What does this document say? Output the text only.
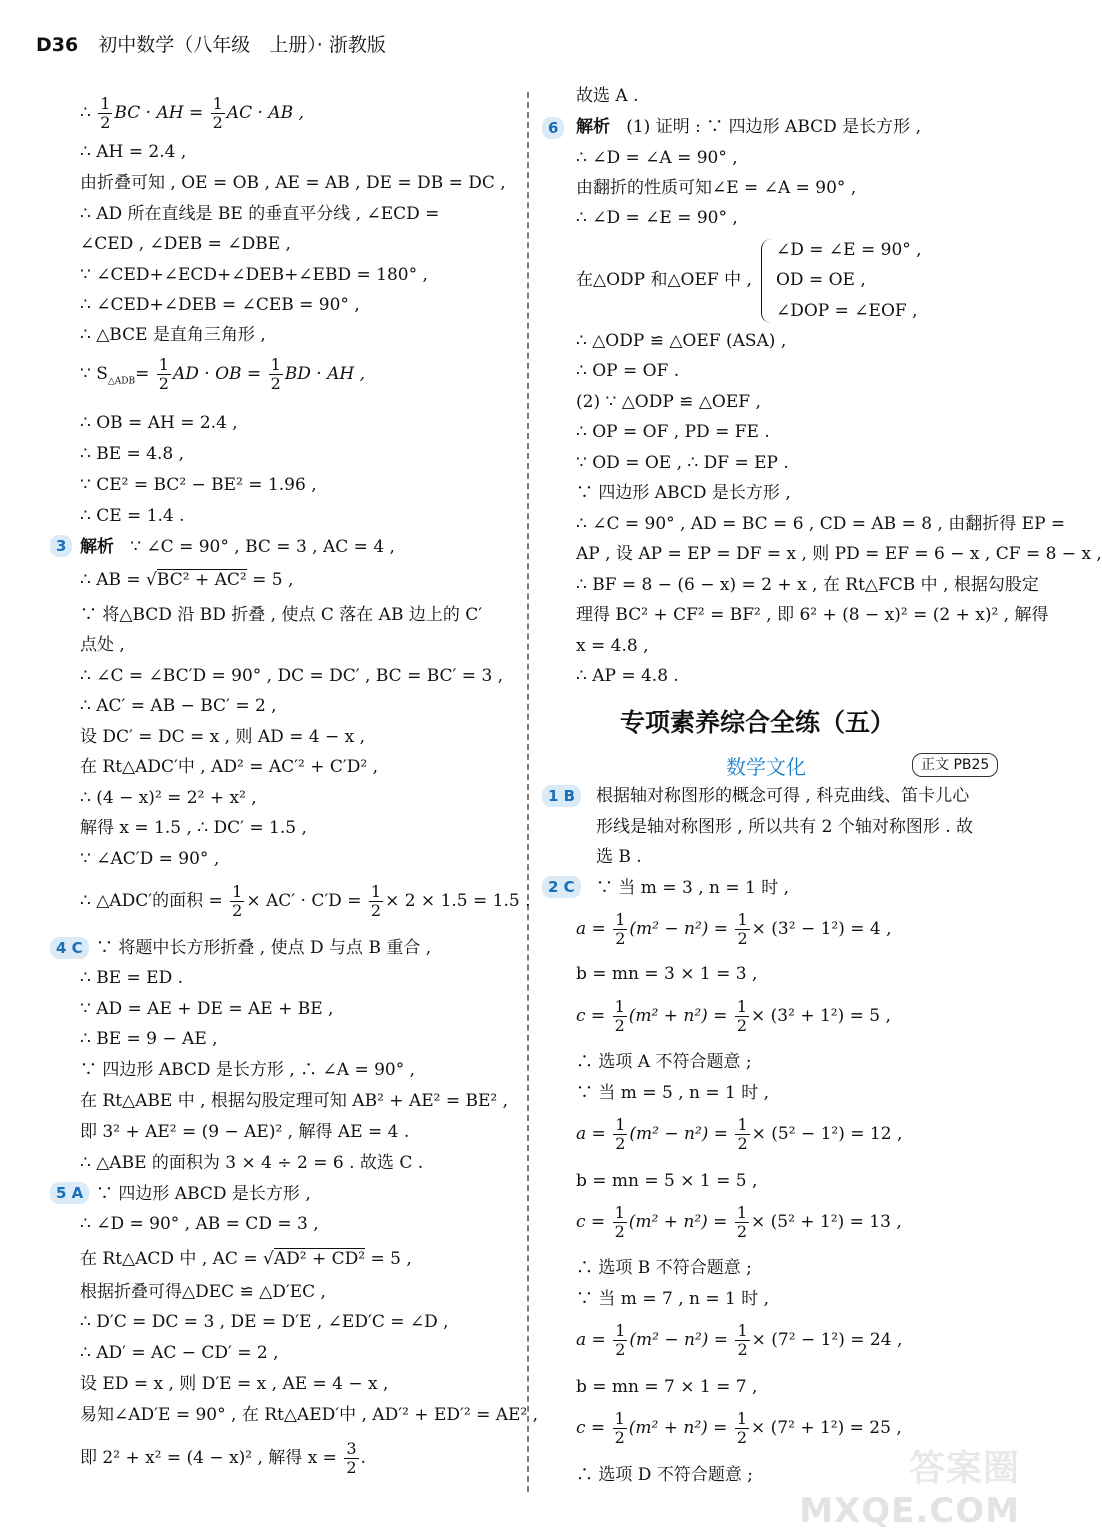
D36 初中数学（八年级　上册）· 浙教版
∴ $\frac{1}{2}$ BC · AH = $\frac{1}{2}$ AC · AB ,
∴ AH = 2.4 ,
由折叠可知 , OE = OB , AE = AB , DE = DB = DC ,
∴ AD 所在直线是 BE 的垂直平分线 , ∠ECD =
∠CED , ∠DEB = ∠DBE ,
∵ ∠CED+∠ECD+∠DEB+∠EBD = 180° ,
∴ ∠CED+∠DEB = ∠CEB = 90° ,
∴ △BCE 是直角三角形 ,
∵ $S_{\triangle ADB}= \frac{1}{2}$ AD · OB = $\frac{1}{2}$ BD · AH ,
∴ OB = AH = 2.4 ,
∴ BE = 4.8 ,
∵ CE² = BC² − BE² = 1.96 ,
∴ CE = 1.4 .
3 解析 ∵ ∠C = 90° , BC = 3 , AC = 4 ,
∴ AB = √BC² + AC² = 5 ,
∵ 将△BCD 沿 BD 折叠 , 使点 C 落在 AB 边上的 C′
点处 ,
∴ ∠C = ∠BC′D = 90° , DC = DC′ , BC = BC′ = 3 ,
∴ AC′ = AB − BC′ = 2 ,
设 DC′ = DC = x , 则 AD = 4 − x ,
在 Rt△ADC′中 , AD² = AC′² + C′D² ,
∴ (4 − x)² = 2² + x² ,
解得 x = 1.5 , ∴ DC′ = 1.5 ,
∵ ∠AC′D = 90° ,
∴ △ADC′的面积 = $\frac{1}{2} \times AC' \cdot C'D = \frac{1}{2} \times 2 \times 1.5 = 1.5$ .
4 C ∵ 将题中长方形折叠 , 使点 D 与点 B 重合 ,
∴ BE = ED .
∵ AD = AE + DE = AE + BE ,
∴ BE = 9 − AE ,
∵ 四边形 ABCD 是长方形 , ∴ ∠A = 90° ,
在 Rt△ABE 中 , 根据勾股定理可知 AB² + AE² = BE² ,
即 3² + AE² = (9 − AE)² , 解得 AE = 4 .
∴ △ABE 的面积为 3 × 4 ÷ 2 = 6 . 故选 C .
5 A ∵ 四边形 ABCD 是长方形 ,
∴ ∠D = 90° , AB = CD = 3 ,
在 Rt△ACD 中 , AC = √AD² + CD² = 5 ,
根据折叠可得△DEC ≌ △D′EC ,
∴ D′C = DC = 3 , DE = D′E , ∠ED′C = ∠D ,
∴ AD′ = AC − CD′ = 2 ,
设 ED = x , 则 D′E = x , AE = 4 − x ,
易知∠AD′E = 90° , 在 Rt△AED′中 , AD′² + ED′² = AE² ,
即 2² + x² = (4 − x)² , 解得 $x = \frac{3}{2}$ .
故选 A .
6	解析 (1) 证明 : ∵ 四边形 ABCD 是长方形 ,
∴ ∠D = ∠A = 90° ,
由翻折的性质可知∠E = ∠A = 90° ,
∴ ∠D = ∠E = 90° ,
在△ODP 和△OEF 中 ,
∠D = ∠E = 90° ,
OD = OE ,
∠DOP = ∠EOF ,
∴ △ODP ≌ △OEF (ASA) ,
∴ OP = OF .
(2) ∵ △ODP ≌ △OEF ,
∴ OP = OF , PD = FE .
∵ OD = OE , ∴ DF = EP .
∵ 四边形 ABCD 是长方形 ,
∴ ∠C = 90° , AD = BC = 6 , CD = AB = 8 , 由翻折得 EP =
AP , 设 AP = EP = DF = x , 则 PD = EF = 6 − x , CF = 8 − x ,
∴ BF = 8 − (6 − x) = 2 + x , 在 Rt△FCB 中 , 根据勾股定
理得 BC² + CF² = BF² , 即 6² + (8 − x)² = (2 + x)² , 解得
x = 4.8 ,
∴ AP = 4.8 .
专项素养综合全练（五）
数学文化	正文 PB25
1 B	根据轴对称图形的概念可得 , 科克曲线、笛卡儿心
形线是轴对称图形 , 所以共有 2 个轴对称图形 . 故
选 B .
2 C	∵ 当 m = 3 , n = 1 时 ,
$a = \frac{1}{2} (m^2 - n^2) = \frac{1}{2} \times (3^2 - 1^2) = 4$ ,
b = mn = 3 × 1 = 3 ,
$c = \frac{1}{2} (m^2 + n^2) = \frac{1}{2} \times (3^2 + 1^2) = 5$ ,
∴ 选项 A 不符合题意 ;
∵ 当 m = 5 , n = 1 时 ,
$a = \frac{1}{2} (m^2 - n^2) = \frac{1}{2} \times (5^2 - 1^2) = 12$ ,
b = mn = 5 × 1 = 5 ,
$c = \frac{1}{2} (m^2 + n^2) = \frac{1}{2} \times (5^2 + 1^2) = 13$ ,
∴ 选项 B 不符合题意 ;
∵ 当 m = 7 , n = 1 时 ,
$a = \frac{1}{2} (m^2 - n^2) = \frac{1}{2} \times (7^2 - 1^2) = 24$ ,
b = mn = 7 × 1 = 7 ,
$c = \frac{1}{2} (m^2 + n^2) = \frac{1}{2} \times (7^2 + 1^2) = 25$ ,
∴ 选项 D 不符合题意 ;	答案圈
MXQE.COM
